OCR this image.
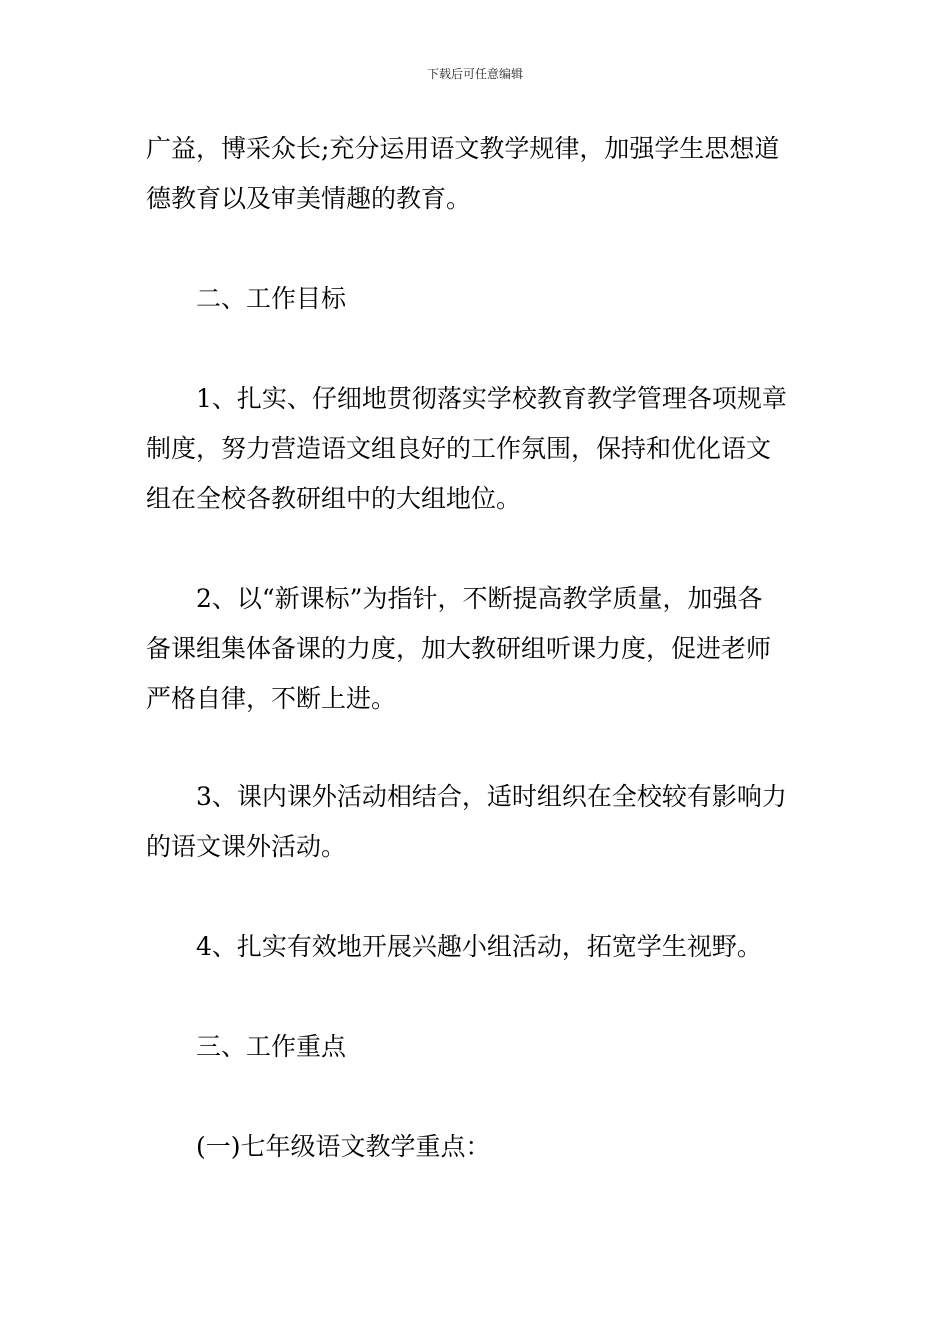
下载后可任意编辑
广益，博采众长;充分运用语文教学规律，加强学生思想道
德教育以及审美情趣的教育。
二、工作目标
1、扎实、仔细地贯彻落实学校教育教学管理各项规章
制度，努力营造语文组良好的工作氛围，保持和优化语文
组在全校各教研组中的大组地位。
2、以“新课标”为指针，不断提高教学质量，加强各
备课组集体备课的力度，加大教研组听课力度，促进老师
严格自律，不断上进。
3、课内课外活动相结合，适时组织在全校较有影响力
的语文课外活动。
4、扎实有效地开展兴趣小组活动，拓宽学生视野。
三、工作重点
(一)七年级语文教学重点：
